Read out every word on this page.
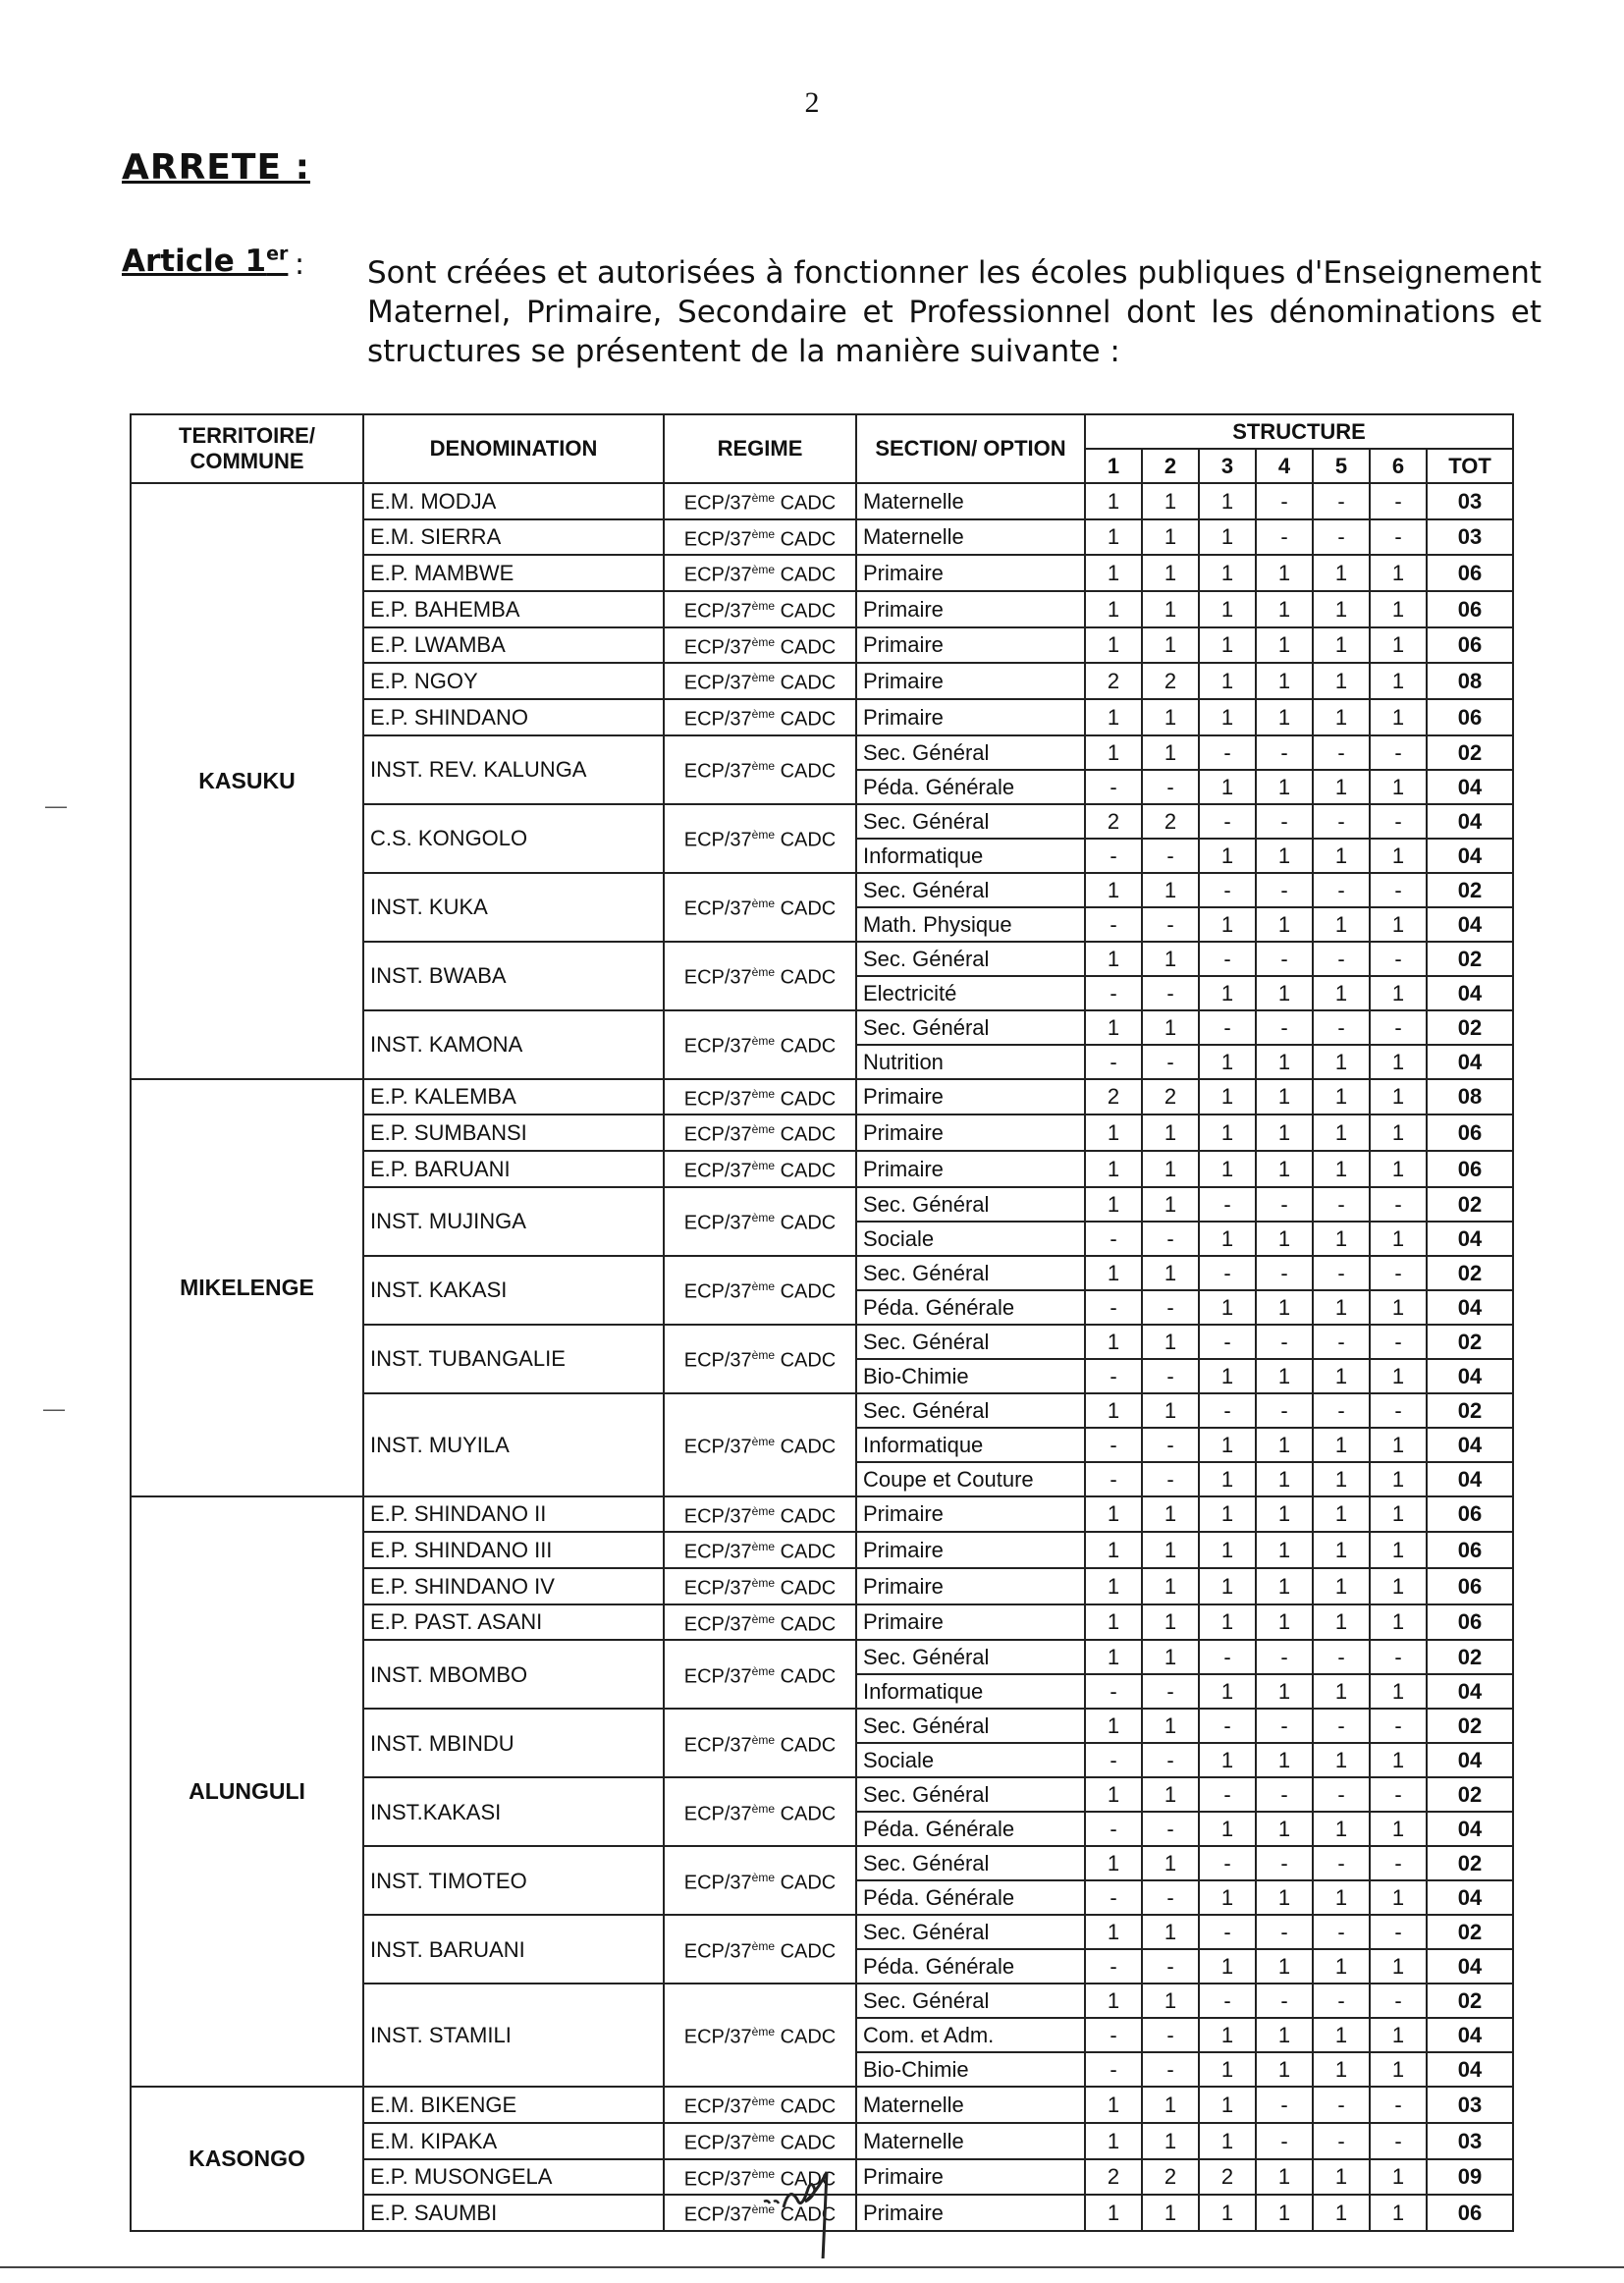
2
ARRETE :
Article 1er : Sont créées et autorisées à fonctionner les écoles publiques d'Enseignement Maternel, Primaire, Secondaire et Professionnel dont les dénominations et structures se présentent de la manière suivante :
—
—
TERRITOIRE/ COMMUNE	DENOMINATION	REGIME	SECTION/ OPTION	STRUCTURE						
				1	2	3	4	5	6	TOT
KASUKU	E.M. MODJA	ECP/37ème CADC	Maternelle	1	1	1	-	-	-	03
	E.M. SIERRA	ECP/37ème CADC	Maternelle	1	1	1	-	-	-	03
	E.P. MAMBWE	ECP/37ème CADC	Primaire	1	1	1	1	1	1	06
	E.P. BAHEMBA	ECP/37ème CADC	Primaire	1	1	1	1	1	1	06
	E.P. LWAMBA	ECP/37ème CADC	Primaire	1	1	1	1	1	1	06
	E.P. NGOY	ECP/37ème CADC	Primaire	2	2	1	1	1	1	08
	E.P. SHINDANO	ECP/37ème CADC	Primaire	1	1	1	1	1	1	06
	INST. REV. KALUNGA	ECP/37ème CADC	Sec. Général	1	1	-	-	-	-	02
			Péda. Générale	-	-	1	1	1	1	04
	C.S. KONGOLO	ECP/37ème CADC	Sec. Général	2	2	-	-	-	-	04
			Informatique	-	-	1	1	1	1	04
	INST. KUKA	ECP/37ème CADC	Sec. Général	1	1	-	-	-	-	02
			Math. Physique	-	-	1	1	1	1	04
	INST. BWABA	ECP/37ème CADC	Sec. Général	1	1	-	-	-	-	02
			Electricité	-	-	1	1	1	1	04
	INST. KAMONA	ECP/37ème CADC	Sec. Général	1	1	-	-	-	-	02
			Nutrition	-	-	1	1	1	1	04
MIKELENGE	E.P. KALEMBA	ECP/37ème CADC	Primaire	2	2	1	1	1	1	08
	E.P. SUMBANSI	ECP/37ème CADC	Primaire	1	1	1	1	1	1	06
	E.P. BARUANI	ECP/37ème CADC	Primaire	1	1	1	1	1	1	06
	INST. MUJINGA	ECP/37ème CADC	Sec. Général	1	1	-	-	-	-	02
			Sociale	-	-	1	1	1	1	04
	INST. KAKASI	ECP/37ème CADC	Sec. Général	1	1	-	-	-	-	02
			Péda. Générale	-	-	1	1	1	1	04
	INST. TUBANGALIE	ECP/37ème CADC	Sec. Général	1	1	-	-	-	-	02
			Bio-Chimie	-	-	1	1	1	1	04
	INST. MUYILA	ECP/37ème CADC	Sec. Général	1	1	-	-	-	-	02
			Informatique	-	-	1	1	1	1	04
			Coupe et Couture	-	-	1	1	1	1	04
ALUNGULI	E.P. SHINDANO II	ECP/37ème CADC	Primaire	1	1	1	1	1	1	06
	E.P. SHINDANO III	ECP/37ème CADC	Primaire	1	1	1	1	1	1	06
	E.P. SHINDANO IV	ECP/37ème CADC	Primaire	1	1	1	1	1	1	06
	E.P. PAST. ASANI	ECP/37ème CADC	Primaire	1	1	1	1	1	1	06
	INST. MBOMBO	ECP/37ème CADC	Sec. Général	1	1	-	-	-	-	02
			Informatique	-	-	1	1	1	1	04
	INST. MBINDU	ECP/37ème CADC	Sec. Général	1	1	-	-	-	-	02
			Sociale	-	-	1	1	1	1	04
	INST.KAKASI	ECP/37ème CADC	Sec. Général	1	1	-	-	-	-	02
			Péda. Générale	-	-	1	1	1	1	04
	INST. TIMOTEO	ECP/37ème CADC	Sec. Général	1	1	-	-	-	-	02
			Péda. Générale	-	-	1	1	1	1	04
	INST. BARUANI	ECP/37ème CADC	Sec. Général	1	1	-	-	-	-	02
			Péda. Générale	-	-	1	1	1	1	04
	INST. STAMILI	ECP/37ème CADC	Sec. Général	1	1	-	-	-	-	02
			Com. et Adm.	-	-	1	1	1	1	04
			Bio-Chimie	-	-	1	1	1	1	04
KASONGO	E.M. BIKENGE	ECP/37ème CADC	Maternelle	1	1	1	-	-	-	03
	E.M. KIPAKA	ECP/37ème CADC	Maternelle	1	1	1	-	-	-	03
	E.P. MUSONGELA	ECP/37ème CADC	Primaire	2	2	2	1	1	1	09
	E.P. SAUMBI	ECP/37ème CADC	Primaire	1	1	1	1	1	1	06
